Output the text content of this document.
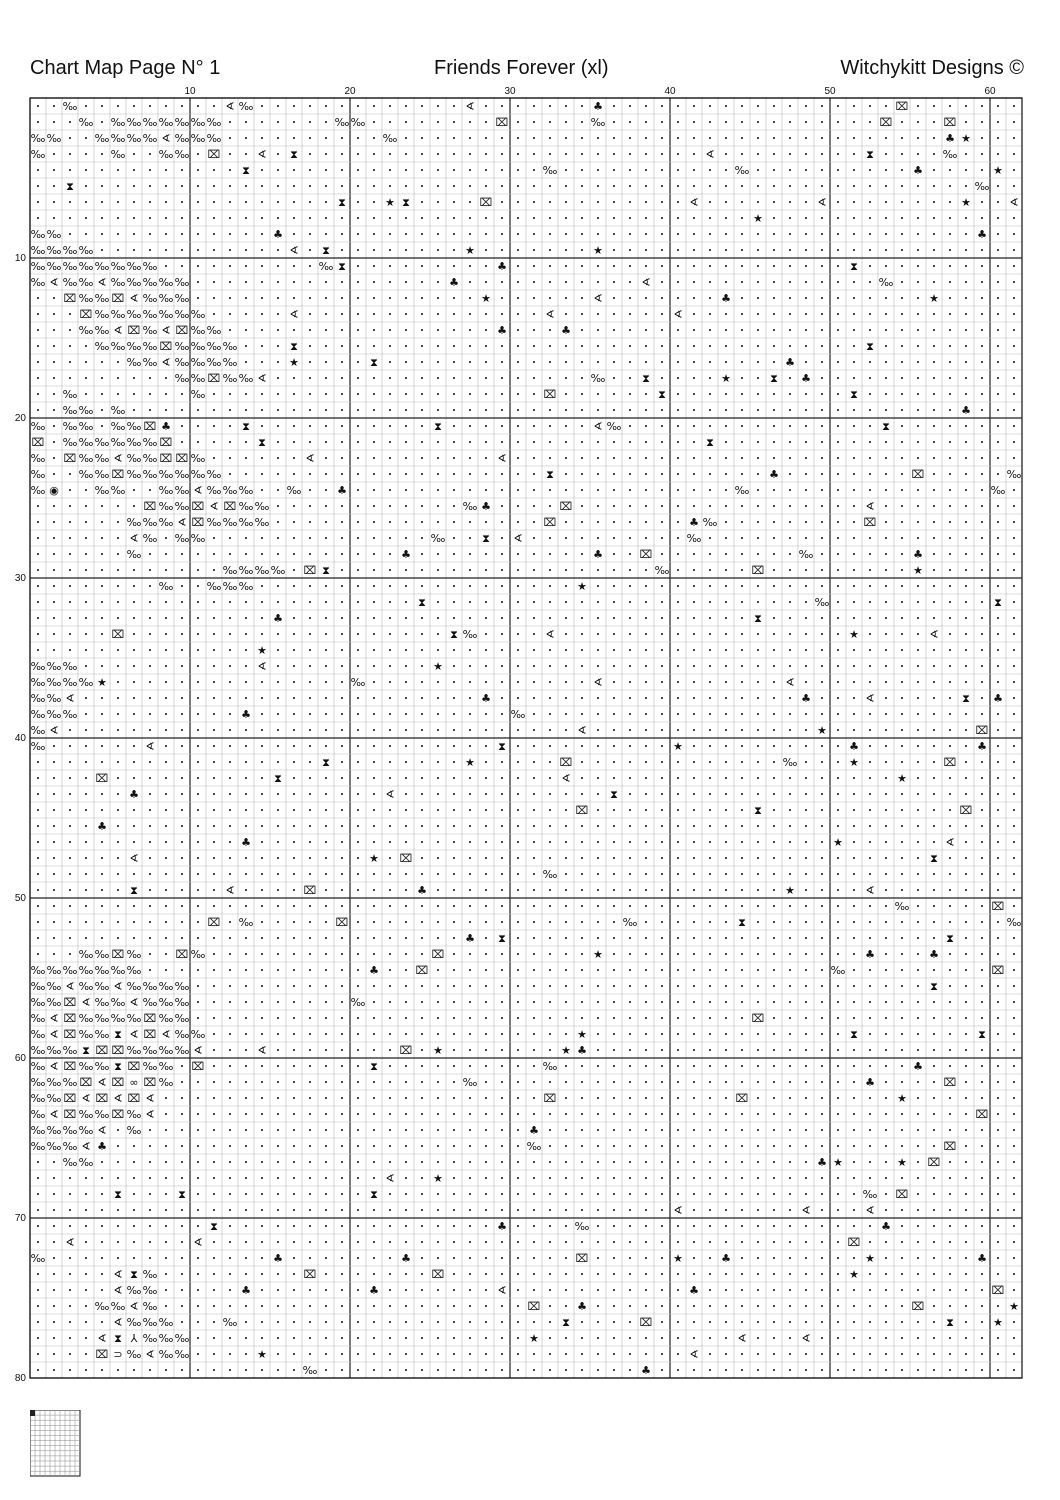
Chart Map Page N° 1	Friends Forever (xl)	Witchykitt Designs ©
10	20	30	40	50	60
10
20
30
40
50
60
70
80
‰	∢ ‰	∢	♣	⌧
‰ ‰ ‰ ‰ ‰ ‰ ‰ ‰	‰ ‰	⌧	‰	⌧	⌧
‰ ‰	‰ ‰ ‰ ‰ ∢ ‰ ‰ ‰	‰	♣ ★
‰	‰	‰ ‰ ⌧	∢ ⧗	∢	⧗	‰
⧗	‰	‰	♣	★
⧗	‰
⧗	★ ⧗	⌧	∢	∢	★	∢
★
‰ ‰	♣	♣
‰ ‰ ‰ ‰	∢ ⧗	★	★
‰ ‰ ‰ ‰ ‰ ‰ ‰ ‰	‰ ⧗	♣	⧗
‰ ∢ ‰ ‰ ∢ ‰ ‰ ‰ ‰ ‰	♣	∢	‰
⌧ ‰ ‰ ⌧ ∢ ‰ ‰ ‰	★	∢	♣	★
⌧ ‰ ‰ ‰ ‰ ‰ ‰ ‰	∢	∢	∢
‰ ‰ ∢ ⌧ ‰ ∢ ⌧ ‰ ‰	♣	♣
‰ ‰ ‰ ‰ ⌧ ‰ ‰ ‰ ‰	⧗	⧗
‰ ‰ ∢ ‰ ‰ ‰ ‰	★	⧗	♣
‰ ‰ ⌧ ‰ ‰ ∢	‰	⧗	★	⧗ ♣
‰	‰	⌧	⧗	⧗
‰ ‰ ‰	♣
‰ ‰ ‰ ‰ ‰ ⌧ ♣	⧗	⧗	∢ ‰	⧗
⌧ ‰ ‰ ‰ ‰ ‰ ‰ ⌧	⧗	⧗
‰ ⌧ ‰ ‰ ∢ ‰ ‰ ⌧ ⌧ ‰	∢	∢
‰	‰ ‰ ⌧ ‰ ‰ ‰ ‰ ‰ ‰	⧗	♣	⌧	‰
‰ ◉	‰ ‰	‰ ‰ ∢ ‰ ‰ ‰	‰	♣	‰	‰
⌧ ‰ ‰ ⌧ ∢ ⌧ ‰ ‰	‰ ♣	⌧	∢
‰ ‰ ‰ ∢ ⌧ ‰ ‰ ‰ ‰	⌧	♣ ‰	⌧
∢ ‰ ‰ ‰	‰	⧗ ∢	‰
‰	♣	♣	⌧	‰	♣
‰ ‰ ‰ ‰ ⌧ ⧗	‰	⌧	★
‰	‰ ‰ ‰	★
⧗	‰	⧗
♣	⧗
⌧	⧗ ‰	∢	★	∢
★
‰ ‰ ‰	∢	★
‰ ‰ ‰ ‰ ★	‰	∢	∢
‰ ‰ ∢	♣	♣	∢	⧗ ♣
‰ ‰ ‰	♣	‰
‰ ∢	∢	★	⌧
‰	∢	⧗	★	♣	♣
⧗	★	⌧	‰	★	⌧
⌧	⧗	∢	★
♣	∢	⧗
⌧	⧗	⌧
♣
♣	★	∢
∢	★ ⌧	⧗
‰
⧗	∢	⌧	♣	★	∢
‰	⌧
⌧ ‰	⌧	‰	⧗	‰
♣ ⧗	⧗
‰ ‰ ⌧ ‰	⌧ ‰	⌧	★	♣	♣
‰ ‰ ‰ ‰ ‰ ‰ ‰	♣	⌧	‰	⌧
‰ ‰ ∢ ‰ ‰ ∢ ‰ ‰ ‰ ‰	⧗
‰ ‰ ⌧ ∢ ‰ ‰ ∢ ‰ ‰ ‰	‰
‰ ∢ ⌧ ‰ ‰ ‰ ‰ ⌧ ‰ ‰	⌧
‰ ∢ ⌧ ‰ ‰ ⧗ ∢ ⌧ ∢ ‰ ‰	★	⧗	⧗
‰ ‰ ‰ ⧗ ⌧ ⌧ ‰ ‰ ‰ ‰ ∢	∢	⌧ ★	★ ♣
‰ ∢ ⌧ ‰ ‰ ⧗ ⌧ ‰ ‰ ⌧	⧗	‰	♣
‰ ‰ ‰ ⌧ ∢ ⌧ ∞ ⌧ ‰	‰	♣	⌧
‰ ‰ ⌧ ∢ ⌧ ∢ ⌧ ∢	⌧	⌧	★
‰ ∢ ⌧ ‰ ‰ ⌧ ‰ ∢	⌧
‰ ‰ ‰ ‰ ∢ ‰	♣
‰ ‰ ‰ ∢ ♣	‰	⌧
‰ ‰	♣ ★	★ ⌧
∢	★
⧗	⧗	⧗	‰ ⌧
∢	∢	∢
⧗	♣	‰	♣
∢	∢	⌧
‰	♣	♣	⌧	★	♣	★	♣
∢ ⧗ ‰	⌧	⌧	★
∢ ‰ ‰	♣	♣	∢	♣	⌧
‰ ‰ ∢ ‰	⌧	♣	⌧	★
∢ ‰ ‰ ‰	‰	⧗	⌧	⧗	★
∢ ⧗ ⅄ ‰ ‰ ‰	★	∢	∢
⌧ ⊃ ‰ ∢ ‰ ‰	★	∢
‰	♣
